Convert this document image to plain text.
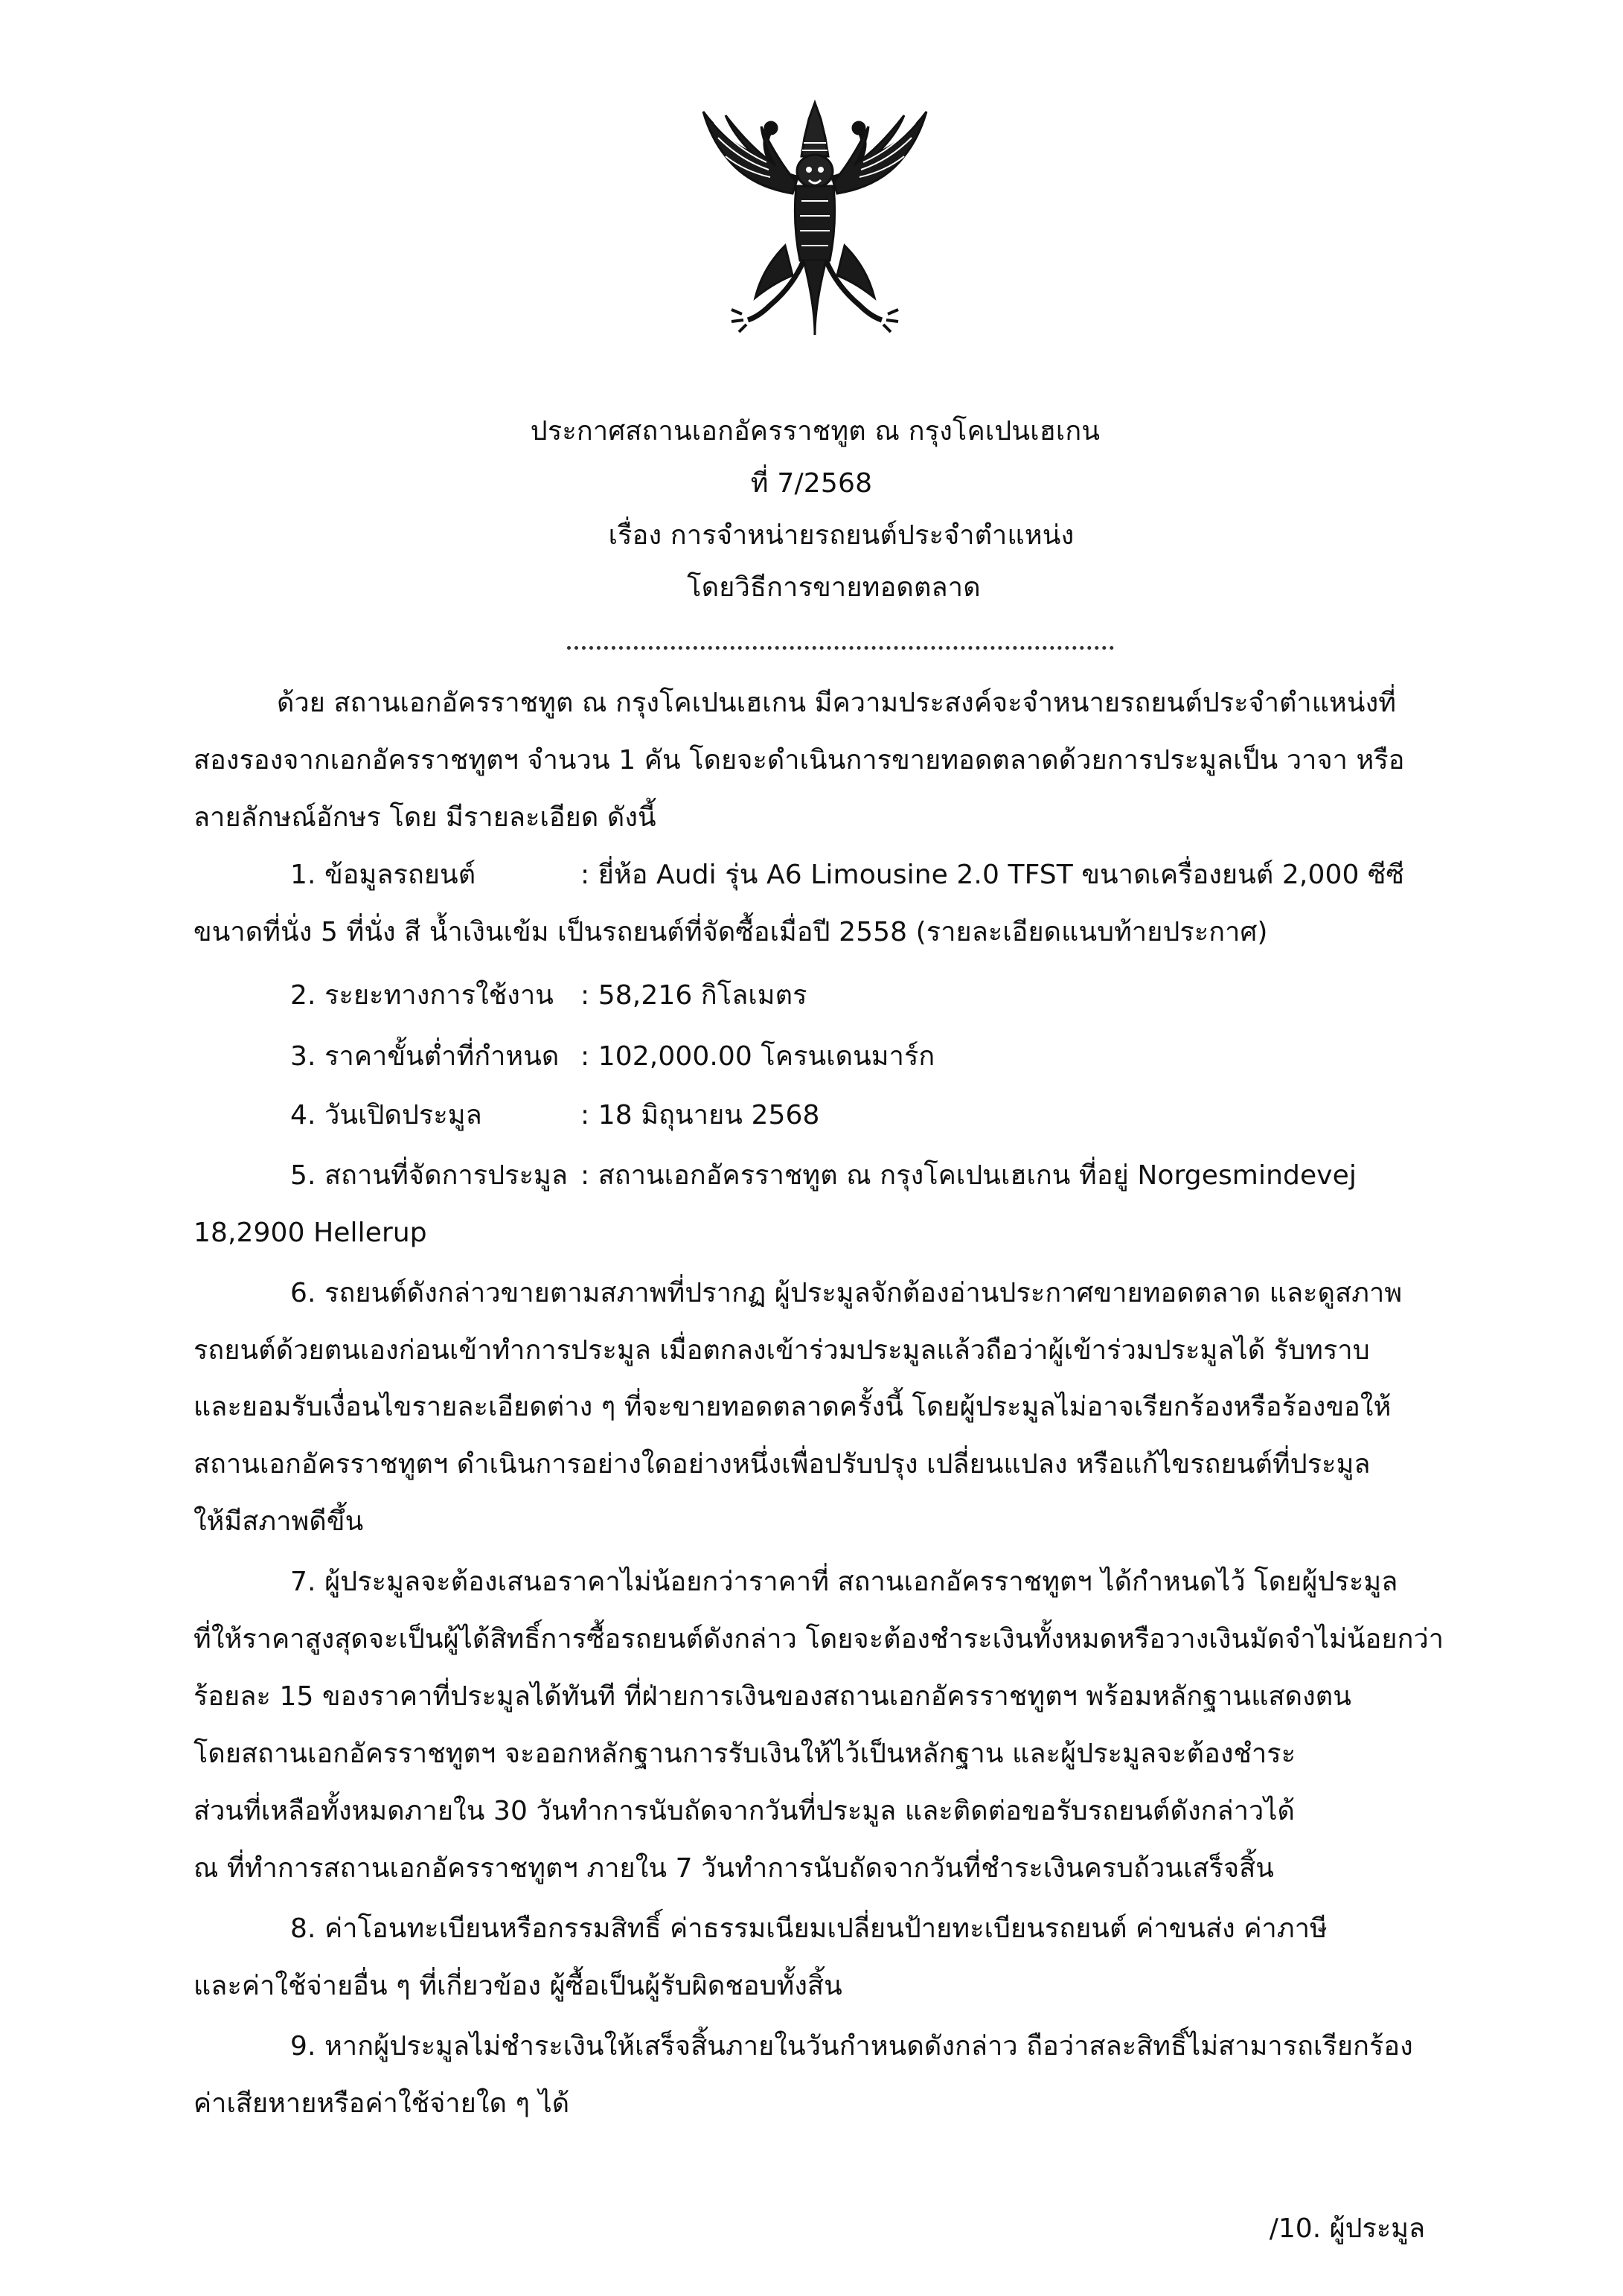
ประกาศสถานเอกอัครราชทูต ณ กรุงโคเปนเฮเกน
ที่ 7/2568
เรื่อง การจำหน่ายรถยนต์ประจำตำแหน่ง
โดยวิธีการขายทอดตลาด
ด้วย สถานเอกอัครราชทูต ณ กรุงโคเปนเฮเกน มีความประสงค์จะจำหนายรถยนต์ประจำตำแหน่งที่
สองรองจากเอกอัครราชทูตฯ จำนวน 1 คัน โดยจะดำเนินการขายทอดตลาดด้วยการประมูลเป็น วาจา หรือ
ลายลักษณ์อักษร โดย มีรายละเอียด ดังนี้
1. ข้อมูลรถยนต์	: ยี่ห้อ Audi รุ่น A6 Limousine 2.0 TFST ขนาดเครื่องยนต์ 2,000 ซีซี
ขนาดที่นั่ง 5 ที่นั่ง สี น้ำเงินเข้ม เป็นรถยนต์ที่จัดซื้อเมื่อปี 2558 (รายละเอียดแนบท้ายประกาศ)
2. ระยะทางการใช้งาน : 58,216 กิโลเมตร
3. ราคาขั้นต่ำที่กำหนด : 102,000.00 โครนเดนมาร์ก
4. วันเปิดประมูล	: 18 มิถุนายน 2568
5. สถานที่จัดการประมูล : สถานเอกอัครราชทูต ณ กรุงโคเปนเฮเกน ที่อยู่ Norgesmindevej
18,2900 Hellerup
6. รถยนต์ดังกล่าวขายตามสภาพที่ปรากฏ ผู้ประมูลจักต้องอ่านประกาศขายทอดตลาด และดูสภาพ
รถยนต์ด้วยตนเองก่อนเข้าทำการประมูล เมื่อตกลงเข้าร่วมประมูลแล้วถือว่าผู้เข้าร่วมประมูลได้ รับทราบ
และยอมรับเงื่อนไขรายละเอียดต่าง ๆ ที่จะขายทอดตลาดครั้งนี้ โดยผู้ประมูลไม่อาจเรียกร้องหรือร้องขอให้
สถานเอกอัครราชทูตฯ ดำเนินการอย่างใดอย่างหนึ่งเพื่อปรับปรุง เปลี่ยนแปลง หรือแก้ไขรถยนต์ที่ประมูล
ให้มีสภาพดีขึ้น
7. ผู้ประมูลจะต้องเสนอราคาไม่น้อยกว่าราคาที่ สถานเอกอัครราชทูตฯ ได้กำหนดไว้ โดยผู้ประมูล
ที่ให้ราคาสูงสุดจะเป็นผู้ได้สิทธิ์การซื้อรถยนต์ดังกล่าว โดยจะต้องชำระเงินทั้งหมดหรือวางเงินมัดจำไม่น้อยกว่า
ร้อยละ 15 ของราคาที่ประมูลได้ทันที ที่ฝ่ายการเงินของสถานเอกอัครราชทูตฯ พร้อมหลักฐานแสดงตน
โดยสถานเอกอัครราชทูตฯ จะออกหลักฐานการรับเงินให้ไว้เป็นหลักฐาน และผู้ประมูลจะต้องชำระ
ส่วนที่เหลือทั้งหมดภายใน 30 วันทำการนับถัดจากวันที่ประมูล และติดต่อขอรับรถยนต์ดังกล่าวได้
ณ ที่ทำการสถานเอกอัครราชทูตฯ ภายใน 7 วันทำการนับถัดจากวันที่ชำระเงินครบถ้วนเสร็จสิ้น
8. ค่าโอนทะเบียนหรือกรรมสิทธิ์ ค่าธรรมเนียมเปลี่ยนป้ายทะเบียนรถยนต์ ค่าขนส่ง ค่าภาษี
และค่าใช้จ่ายอื่น ๆ ที่เกี่ยวข้อง ผู้ซื้อเป็นผู้รับผิดชอบทั้งสิ้น
9. หากผู้ประมูลไม่ชำระเงินให้เสร็จสิ้นภายในวันกำหนดดังกล่าว ถือว่าสละสิทธิ์ไม่สามารถเรียกร้อง
ค่าเสียหายหรือค่าใช้จ่ายใด ๆ ได้
/10. ผู้ประมูล
